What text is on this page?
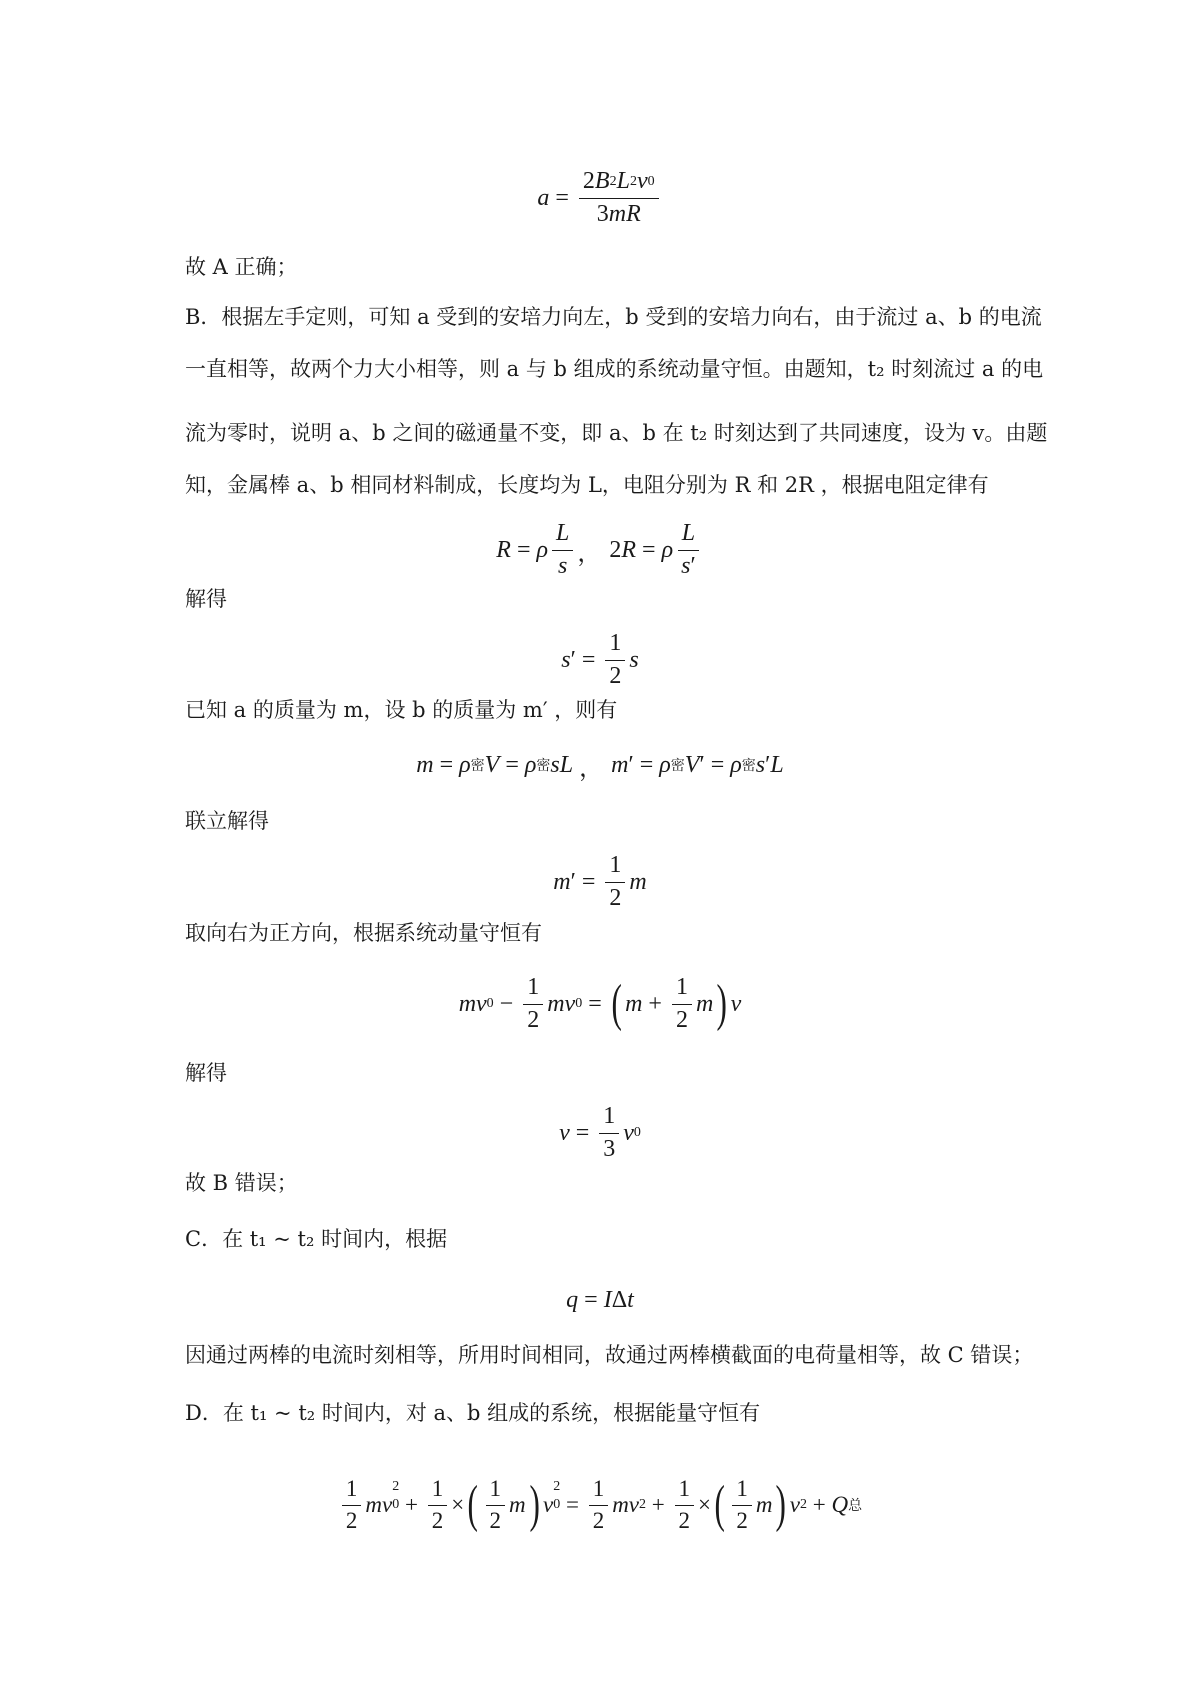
$a = \frac{2 B 2 L 2 v 0}{3 mR}$
故 A 正确；
B．根据左手定则，可知 a 受到的安培力向左，b 受到的安培力向右，由于流过 a、b 的电流
一直相等，故两个力大小相等，则 a 与 b 组成的系统动量守恒。由题知，t₂ 时刻流过 a 的电
流为零时，说明 a、b 之间的磁通量不变，即 a、b 在 t₂ 时刻达到了共同速度，设为 v。由题
知，金属棒 a、b 相同材料制成，长度均为 L，电阻分别为 R 和 2R ，根据电阻定律有
R = ρ $\frac{L}{s}$ ， 2 R = ρ $\frac{L}{s '}$
解得
s ′ = $\frac{1}{2}$ s
已知 a 的质量为 m，设 b 的质量为 m′ ，则有
m = ρ 密 V = ρ 密 sL ， m ′ = ρ 密 V ′ = ρ 密 s ′ L
联立解得
m ′ = $\frac{1}{2}$ m
取向右为正方向，根据系统动量守恒有
mv $0 - \frac{1}{2}$ mv 0 = ( $m + \frac{1}{2}$ m ) v
解得
$v = \frac{1}{3}$ v 0
故 B 错误；
C．在 t₁ ~ t₂ 时间内，根据
q = I Δ t
因通过两棒的电流时刻相等，所用时间相同，故通过两棒横截面的电荷量相等，故 C 错误；
D．在 t₁ ~ t₂ 时间内，对 a、b 组成的系统，根据能量守恒有
$\frac{1}{2}$ mv
2
$0 + \frac{1}{2}$ × ( $\frac{1}{2}$ m ) v
2
$0 = \frac{1}{2}$ mv $2 + \frac{1}{2}$ × ( $\frac{1}{2}$ m ) v 2 + Q 总
